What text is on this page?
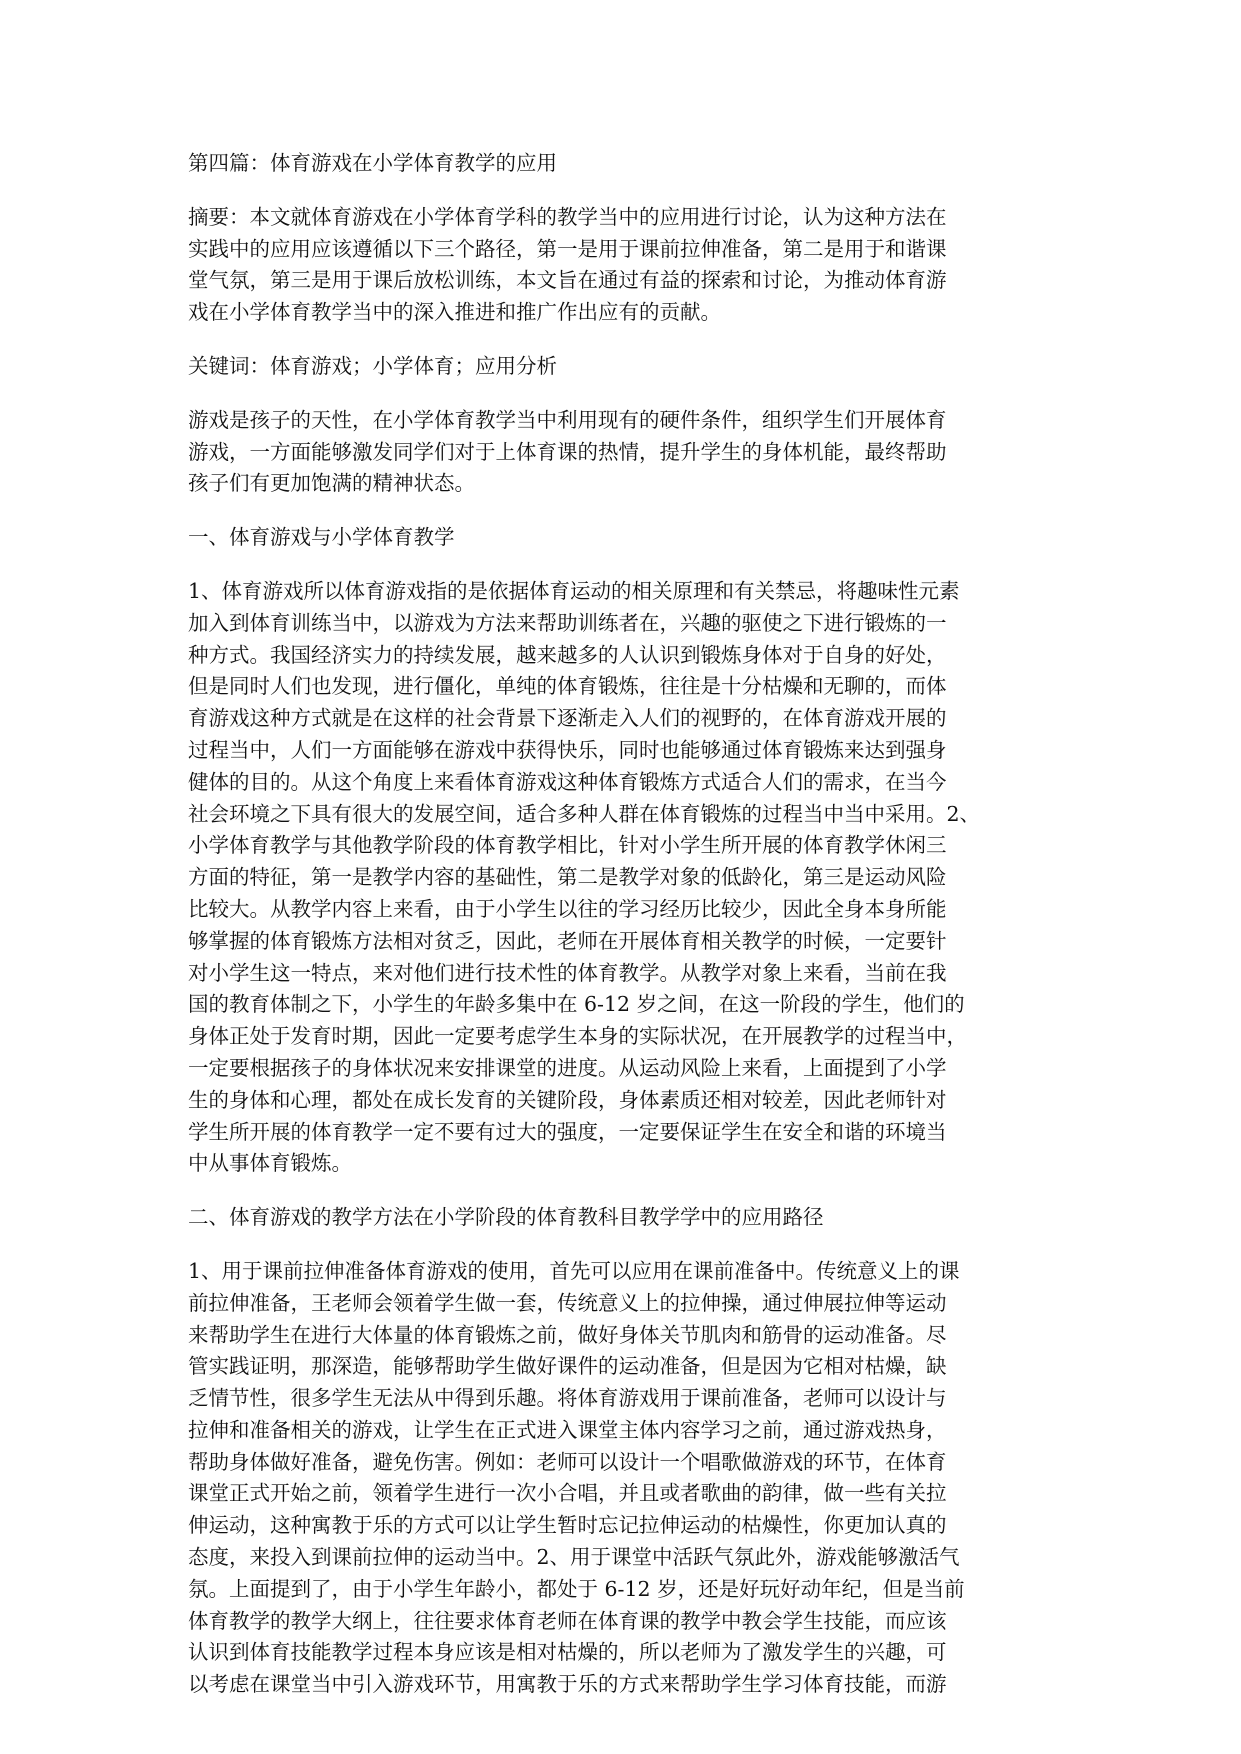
第四篇：体育游戏在小学体育教学的应用

摘要：本文就体育游戏在小学体育学科的教学当中的应用进行讨论，认为这种方法在
实践中的应用应该遵循以下三个路径，第一是用于课前拉伸准备，第二是用于和谐课
堂气氛，第三是用于课后放松训练，本文旨在通过有益的探索和讨论，为推动体育游
戏在小学体育教学当中的深入推进和推广作出应有的贡献。

关键词：体育游戏；小学体育；应用分析

游戏是孩子的天性，在小学体育教学当中利用现有的硬件条件，组织学生们开展体育
游戏，一方面能够激发同学们对于上体育课的热情，提升学生的身体机能，最终帮助
孩子们有更加饱满的精神状态。

一、体育游戏与小学体育教学

1、体育游戏所以体育游戏指的是依据体育运动的相关原理和有关禁忌，将趣味性元素
加入到体育训练当中，以游戏为方法来帮助训练者在，兴趣的驱使之下进行锻炼的一
种方式。我国经济实力的持续发展，越来越多的人认识到锻炼身体对于自身的好处，
但是同时人们也发现，进行僵化，单纯的体育锻炼，往往是十分枯燥和无聊的，而体
育游戏这种方式就是在这样的社会背景下逐渐走入人们的视野的，在体育游戏开展的
过程当中，人们一方面能够在游戏中获得快乐，同时也能够通过体育锻炼来达到强身
健体的目的。从这个角度上来看体育游戏这种体育锻炼方式适合人们的需求，在当今
社会环境之下具有很大的发展空间，适合多种人群在体育锻炼的过程当中当中采用。2、
小学体育教学与其他教学阶段的体育教学相比，针对小学生所开展的体育教学休闲三
方面的特征，第一是教学内容的基础性，第二是教学对象的低龄化，第三是运动风险
比较大。从教学内容上来看，由于小学生以往的学习经历比较少，因此全身本身所能
够掌握的体育锻炼方法相对贫乏，因此，老师在开展体育相关教学的时候，一定要针
对小学生这一特点，来对他们进行技术性的体育教学。从教学对象上来看，当前在我
国的教育体制之下，小学生的年龄多集中在 6-12 岁之间，在这一阶段的学生，他们的
身体正处于发育时期，因此一定要考虑学生本身的实际状况，在开展教学的过程当中，
一定要根据孩子的身体状况来安排课堂的进度。从运动风险上来看，上面提到了小学
生的身体和心理，都处在成长发育的关键阶段，身体素质还相对较差，因此老师针对
学生所开展的体育教学一定不要有过大的强度，一定要保证学生在安全和谐的环境当
中从事体育锻炼。

二、体育游戏的教学方法在小学阶段的体育教科目教学学中的应用路径

1、用于课前拉伸准备体育游戏的使用，首先可以应用在课前准备中。传统意义上的课
前拉伸准备，王老师会领着学生做一套，传统意义上的拉伸操，通过伸展拉伸等运动
来帮助学生在进行大体量的体育锻炼之前，做好身体关节肌肉和筋骨的运动准备。尽
管实践证明，那深造，能够帮助学生做好课件的运动准备，但是因为它相对枯燥，缺
乏情节性，很多学生无法从中得到乐趣。将体育游戏用于课前准备，老师可以设计与
拉伸和准备相关的游戏，让学生在正式进入课堂主体内容学习之前，通过游戏热身，
帮助身体做好准备，避免伤害。例如：老师可以设计一个唱歌做游戏的环节，在体育
课堂正式开始之前，领着学生进行一次小合唱，并且或者歌曲的韵律，做一些有关拉
伸运动，这种寓教于乐的方式可以让学生暂时忘记拉伸运动的枯燥性，你更加认真的
态度，来投入到课前拉伸的运动当中。2、用于课堂中活跃气氛此外，游戏能够激活气
氛。上面提到了，由于小学生年龄小，都处于 6-12 岁，还是好玩好动年纪，但是当前
体育教学的教学大纲上，往往要求体育老师在体育课的教学中教会学生技能，而应该
认识到体育技能教学过程本身应该是相对枯燥的，所以老师为了激发学生的兴趣，可
以考虑在课堂当中引入游戏环节，用寓教于乐的方式来帮助学生学习体育技能，而游
